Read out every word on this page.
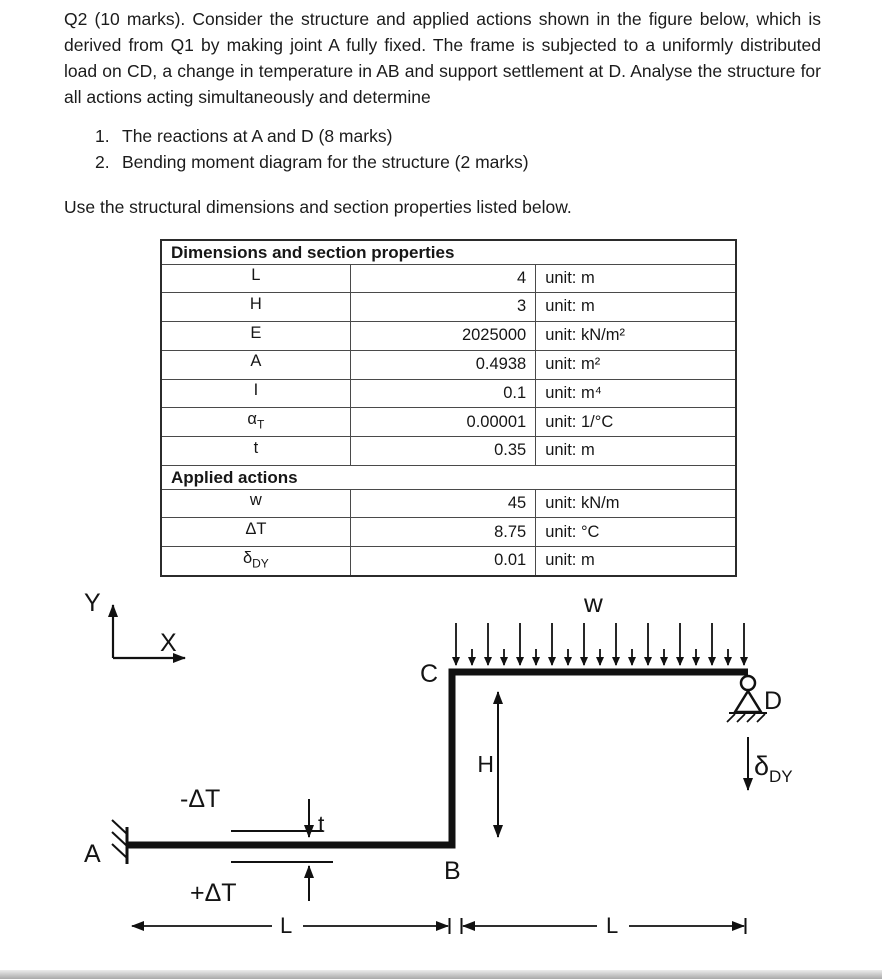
Q2 (10 marks). Consider the structure and applied actions shown in the figure below, which is derived from Q1 by making joint A fully fixed. The frame is subjected to a uniformly distributed load on CD, a change in temperature in AB and support settlement at D. Analyse the structure for all actions acting simultaneously and determine

1. The reactions at A and D (8 marks)
2. Bending moment diagram for the structure (2 marks)

Use the structural dimensions and section properties listed below.

Dimensions and section properties		
L	4	unit: m
H	3	unit: m
E	2025000	unit: kN/m²
A	0.4938	unit: m²
I	0.1	unit: m⁴
$\alpha_T$	0.00001	unit: 1/°C
t	0.35	unit: m
Applied actions		
w	45	unit: kN/m
ΔT	8.75	unit: °C
$\delta_{DY}$	0.01	unit: m
Y
X
A
C
B
D
w
H	δDY
-ΔT
t
+ΔT
L	L
